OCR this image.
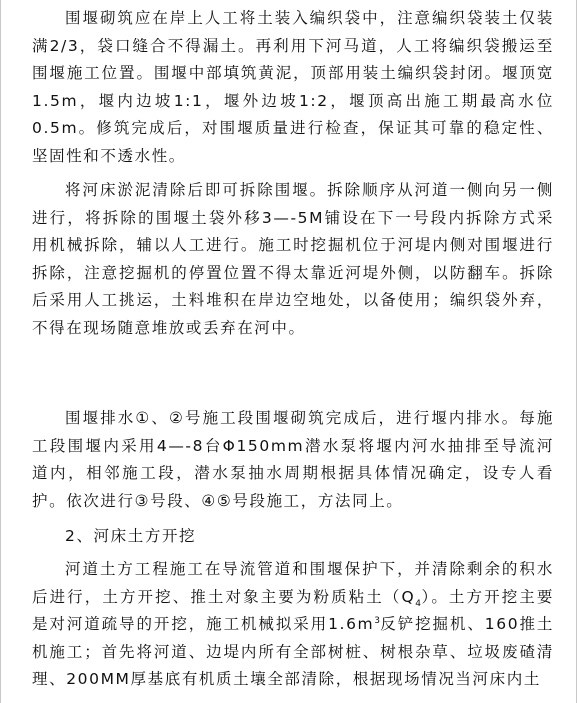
围堰砌筑应在岸上人工将土装入编织袋中，注意编织袋装土仅装满2/3，袋口缝合不得漏土。再利用下河马道，人工将编织袋搬运至围堰施工位置。围堰中部填筑黄泥，顶部用装土编织袋封闭。堰顶宽1.5m，堰内边坡1:1，堰外边坡1:2，堰顶高出施工期最高水位0.5m。修筑完成后，对围堰质量进行检查，保证其可靠的稳定性、坚固性和不透水性。

将河床淤泥清除后即可拆除围堰。拆除顺序从河道一侧向另一侧进行，将拆除的围堰土袋外移3—-5M铺设在下一号段内拆除方式采用机械拆除，辅以人工进行。施工时挖掘机位于河堤内侧对围堰进行拆除，注意挖掘机的停置位置不得太靠近河堤外侧，以防翻车。拆除后采用人工挑运，土料堆积在岸边空地处，以备使用；编织袋外弃，不得在现场随意堆放或丢弃在河中。

围堰排水①、②号施工段围堰砌筑完成后，进行堰内排水。每施工段围堰内采用4—-8台Φ150mm潜水泵将堰内河水抽排至导流河道内，相邻施工段，潜水泵抽水周期根据具体情况确定，设专人看护。依次进行③号段、④⑤号段施工，方法同上。

2、河床土方开挖

河道土方工程施工在导流管道和围堰保护下，并清除剩余的积水后进行，土方开挖、推土对象主要为粉质粘土$(Q_4)$。土方开挖主要是对河道疏导的开挖，施工机械拟采用$1.6m^3$反铲挖掘机、160推土机施工；首先将河道、边堤内所有全部树桩、树根杂草、垃圾废碴清理、200MM厚基底有机质土壤全部清除，根据现场情况当河床内土
